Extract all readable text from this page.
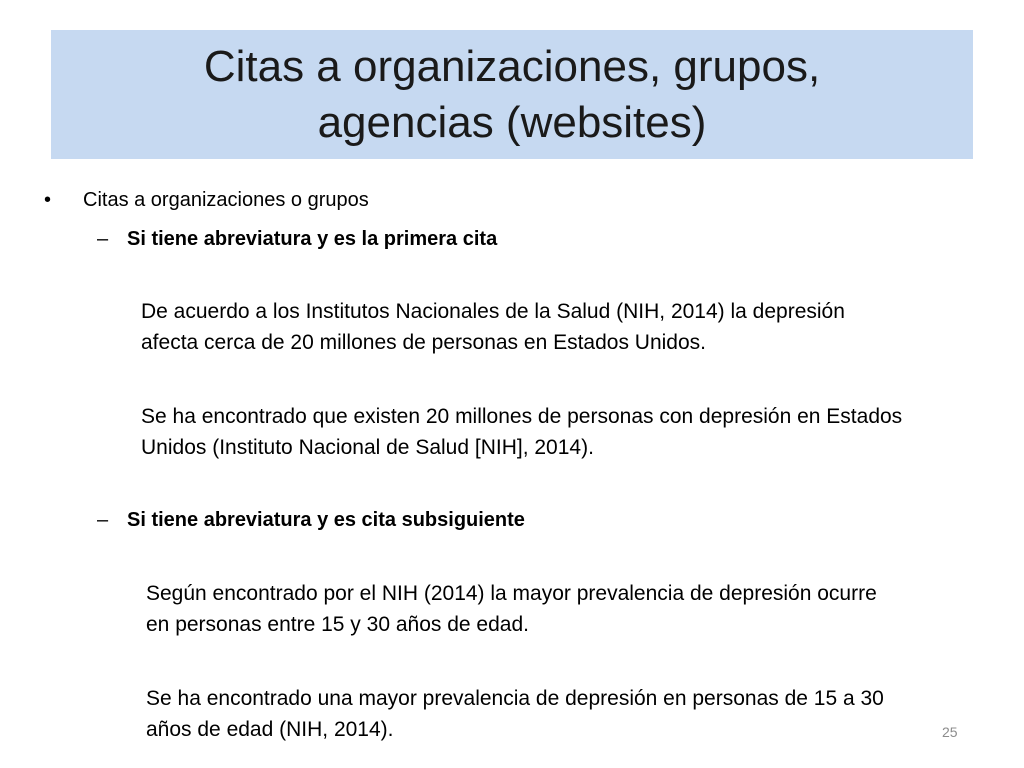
Citas a organizaciones, grupos,
agencias (websites)
•	Citas a organizaciones o grupos
– Si tiene abreviatura y es la primera cita
De acuerdo a los Institutos Nacionales de la Salud (NIH, 2014) la depresión
afecta cerca de 20 millones de personas en Estados Unidos.
Se ha encontrado que existen 20 millones de personas con depresión en Estados
Unidos (Instituto Nacional de Salud [NIH], 2014).
– Si tiene abreviatura y es cita subsiguiente
Según encontrado por el NIH (2014) la mayor prevalencia de depresión ocurre
en personas entre 15 y 30 años de edad.
Se ha encontrado una mayor prevalencia de depresión en personas de 15 a 30
años de edad (NIH, 2014).	25
